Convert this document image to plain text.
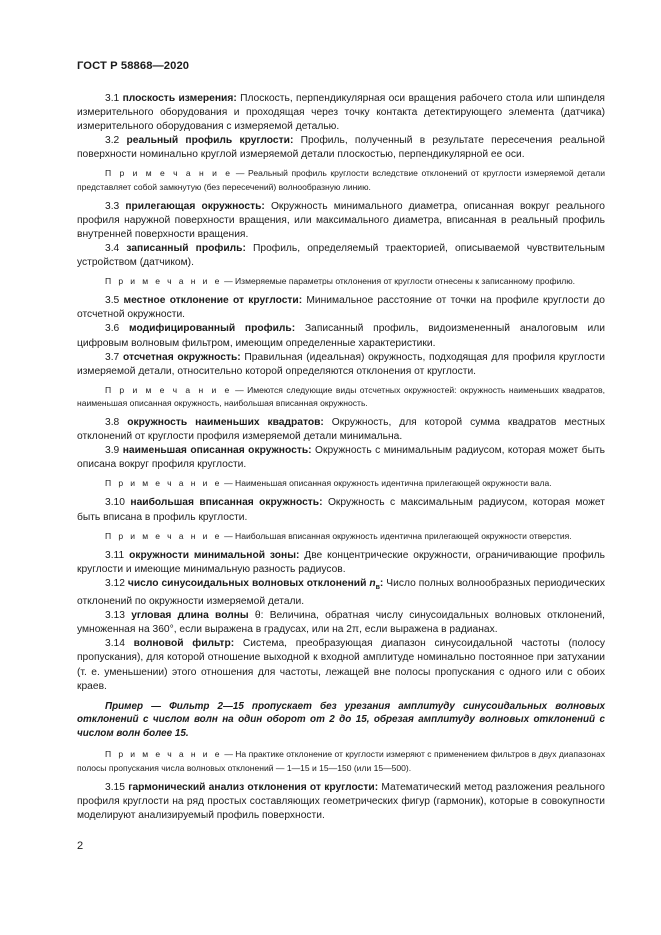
ГОСТ Р 58868—2020

3.1 плоскость измерения: Плоскость, перпендикулярная оси вращения рабочего стола или шпинделя измерительного оборудования и проходящая через точку контакта детектирующего элемента (датчика) измерительного оборудования с измеряемой деталью.

3.2 реальный профиль круглости: Профиль, полученный в результате пересечения реальной поверхности номинально круглой измеряемой детали плоскостью, перпендикулярной ее оси.

П р и м е ч а н и е — Реальный профиль круглости вследствие отклонений от круглости измеряемой детали представляет собой замкнутую (без пересечений) волнообразную линию.

3.3 прилегающая окружность: Окружность минимального диаметра, описанная вокруг реального профиля наружной поверхности вращения, или максимального диаметра, вписанная в реальный профиль внутренней поверхности вращения.

3.4 записанный профиль: Профиль, определяемый траекторией, описываемой чувствительным устройством (датчиком).

П р и м е ч а н и е — Измеряемые параметры отклонения от круглости отнесены к записанному профилю.

3.5 местное отклонение от круглости: Минимальное расстояние от точки на профиле круглости до отсчетной окружности.

3.6 модифицированный профиль: Записанный профиль, видоизмененный аналоговым или цифровым волновым фильтром, имеющим определенные характеристики.

3.7 отсчетная окружность: Правильная (идеальная) окружность, подходящая для профиля круглости измеряемой детали, относительно которой определяются отклонения от круглости.

П р и м е ч а н и е — Имеются следующие виды отсчетных окружностей: окружность наименьших квадратов, наименьшая описанная окружность, наибольшая вписанная окружность.

3.8 окружность наименьших квадратов: Окружность, для которой сумма квадратов местных отклонений от круглости профиля измеряемой детали минимальна.

3.9 наименьшая описанная окружность: Окружность с минимальным радиусом, которая может быть описана вокруг профиля круглости.

П р и м е ч а н и е — Наименьшая описанная окружность идентична прилегающей окружности вала.

3.10 наибольшая вписанная окружность: Окружность с максимальным радиусом, которая может быть вписана в профиль круглости.

П р и м е ч а н и е — Наибольшая вписанная окружность идентична прилегающей окружности отверстия.

3.11 окружности минимальной зоны: Две концентрические окружности, ограничивающие профиль круглости и имеющие минимальную разность радиусов.

3.12 число синусоидальных волновых отклонений $n_в$: Число полных волнообразных периодических отклонений по окружности измеряемой детали.

3.13 угловая длина волны θ: Величина, обратная числу синусоидальных волновых отклонений, умноженная на 360°, если выражена в градусах, или на 2π, если выражена в радианах.

3.14 волновой фильтр: Система, преобразующая диапазон синусоидальной частоты (полосу пропускания), для которой отношение выходной к входной амплитуде номинально постоянное при затухании (т. е. уменьшении) этого отношения для частоты, лежащей вне полосы пропускания с одного или с обоих краев.

Пример — Фильтр 2—15 пропускает без урезания амплитуду синусоидальных волновых отклонений с числом волн на один оборот от 2 до 15, обрезая амплитуду волновых отклонений с числом волн более 15.

П р и м е ч а н и е — На практике отклонение от круглости измеряют с применением фильтров в двух диапазонах полосы пропускания числа волновых отклонений — 1—15 и 15—150 (или 15—500).

3.15 гармонический анализ отклонения от круглости: Математический метод разложения реального профиля круглости на ряд простых составляющих геометрических фигур (гармоник), которые в совокупности моделируют анализируемый профиль поверхности.

2
